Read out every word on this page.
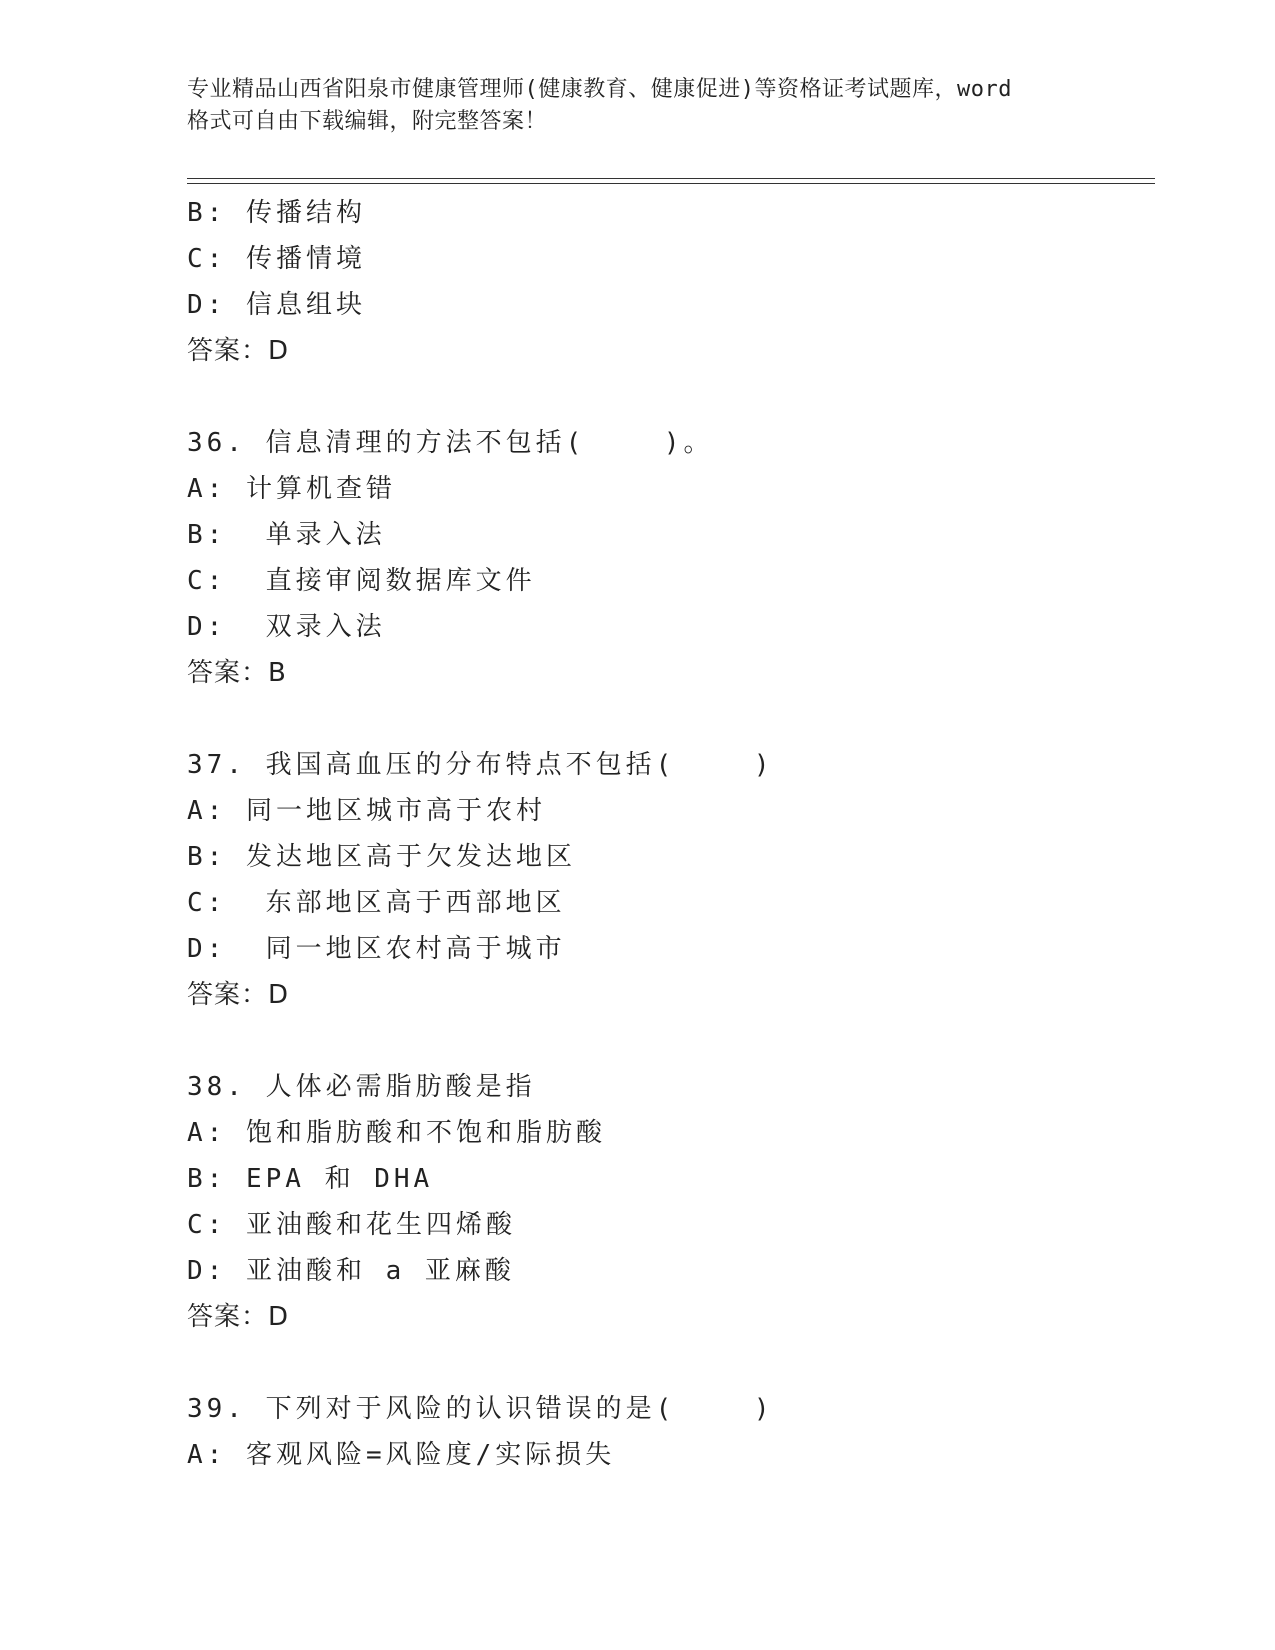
专业精品山西省阳泉市健康管理师(健康教育、健康促进)等资格证考试题库，word
格式可自由下载编辑，附完整答案！
B: 传播结构
C: 传播情境
D: 信息组块
答案：D
36. 信息清理的方法不包括(    )。
A: 计算机查错
B:  单录入法
C:  直接审阅数据库文件
D:  双录入法
答案：B
37. 我国高血压的分布特点不包括(    )
A: 同一地区城市高于农村
B: 发达地区高于欠发达地区
C:  东部地区高于西部地区
D:  同一地区农村高于城市
答案：D
38. 人体必需脂肪酸是指
A: 饱和脂肪酸和不饱和脂肪酸
B: EPA 和 DHA
C: 亚油酸和花生四烯酸
D: 亚油酸和 a 亚麻酸
答案：D
39. 下列对于风险的认识错误的是(    )
A: 客观风险=风险度/实际损失
